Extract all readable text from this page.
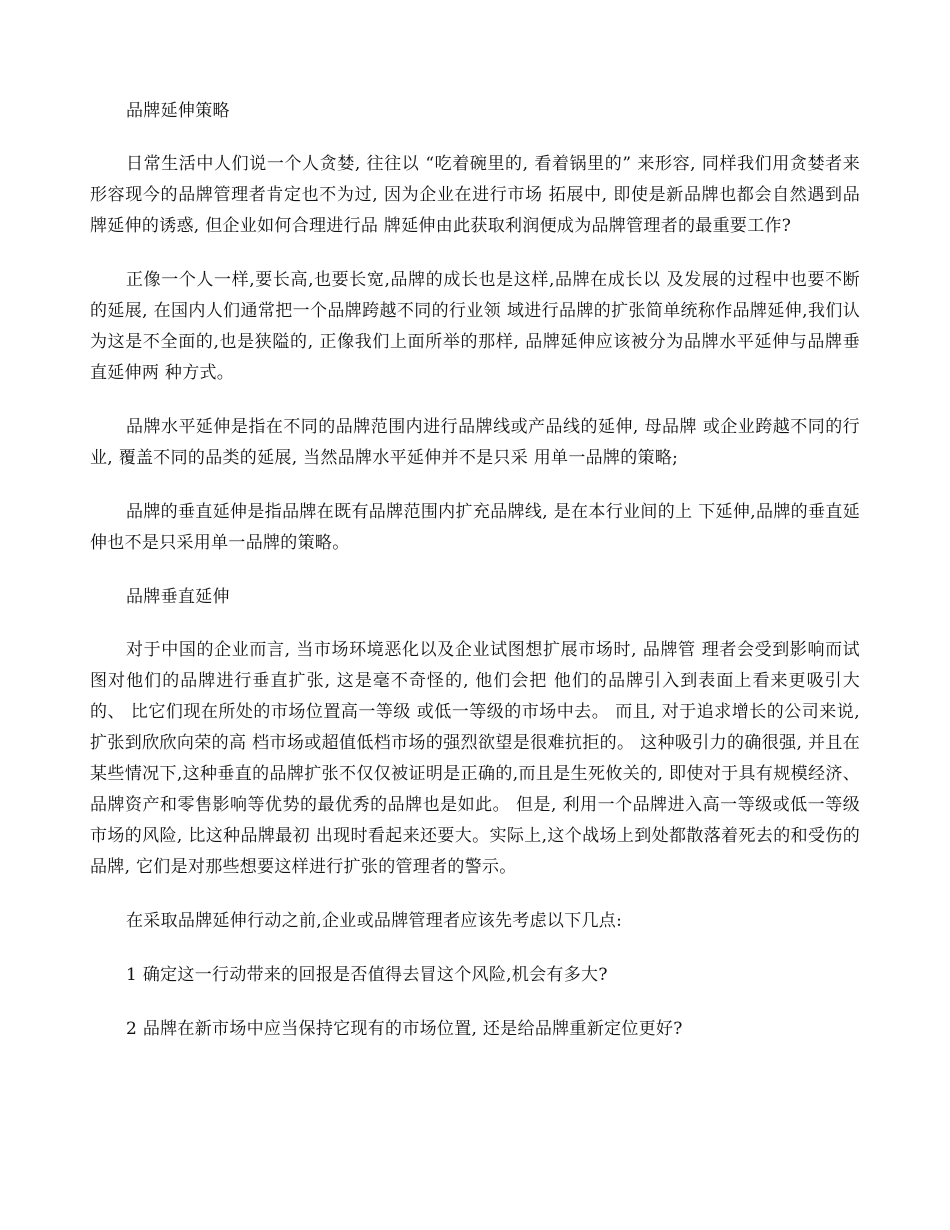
品牌延伸策略

日常生活中人们说一个人贪婪, 往往以 “吃着碗里的, 看着锅里的” 来形容, 同样我们用贪婪者来形容现今的品牌管理者肯定也不为过, 因为企业在进行市场 拓展中, 即使是新品牌也都会自然遇到品牌延伸的诱惑, 但企业如何合理进行品 牌延伸由此获取利润便成为品牌管理者的最重要工作?

正像一个人一样,要长高,也要长宽,品牌的成长也是这样,品牌在成长以 及发展的过程中也要不断的延展, 在国内人们通常把一个品牌跨越不同的行业领 域进行品牌的扩张简单统称作品牌延伸,我们认为这是不全面的,也是狭隘的, 正像我们上面所举的那样, 品牌延伸应该被分为品牌水平延伸与品牌垂直延伸两 种方式。

品牌水平延伸是指在不同的品牌范围内进行品牌线或产品线的延伸, 母品牌 或企业跨越不同的行业, 覆盖不同的品类的延展, 当然品牌水平延伸并不是只采 用单一品牌的策略;

品牌的垂直延伸是指品牌在既有品牌范围内扩充品牌线, 是在本行业间的上 下延伸,品牌的垂直延伸也不是只采用单一品牌的策略。

品牌垂直延伸

对于中国的企业而言, 当市场环境恶化以及企业试图想扩展市场时, 品牌管 理者会受到影响而试图对他们的品牌进行垂直扩张, 这是毫不奇怪的, 他们会把 他们的品牌引入到表面上看来更吸引大的、 比它们现在所处的市场位置高一等级 或低一等级的市场中去。 而且, 对于追求增长的公司来说, 扩张到欣欣向荣的高 档市场或超值低档市场的强烈欲望是很难抗拒的。 这种吸引力的确很强, 并且在 某些情况下,这种垂直的品牌扩张不仅仅被证明是正确的,而且是生死攸关的, 即使对于具有规模经济、品牌资产和零售影响等优势的最优秀的品牌也是如此。 但是, 利用一个品牌进入高一等级或低一等级市场的风险, 比这种品牌最初 出现时看起来还要大。实际上,这个战场上到处都散落着死去的和受伤的品牌, 它们是对那些想要这样进行扩张的管理者的警示。

在采取品牌延伸行动之前,企业或品牌管理者应该先考虑以下几点:

1 确定这一行动带来的回报是否值得去冒这个风险,机会有多大?

2 品牌在新市场中应当保持它现有的市场位置, 还是给品牌重新定位更好?
